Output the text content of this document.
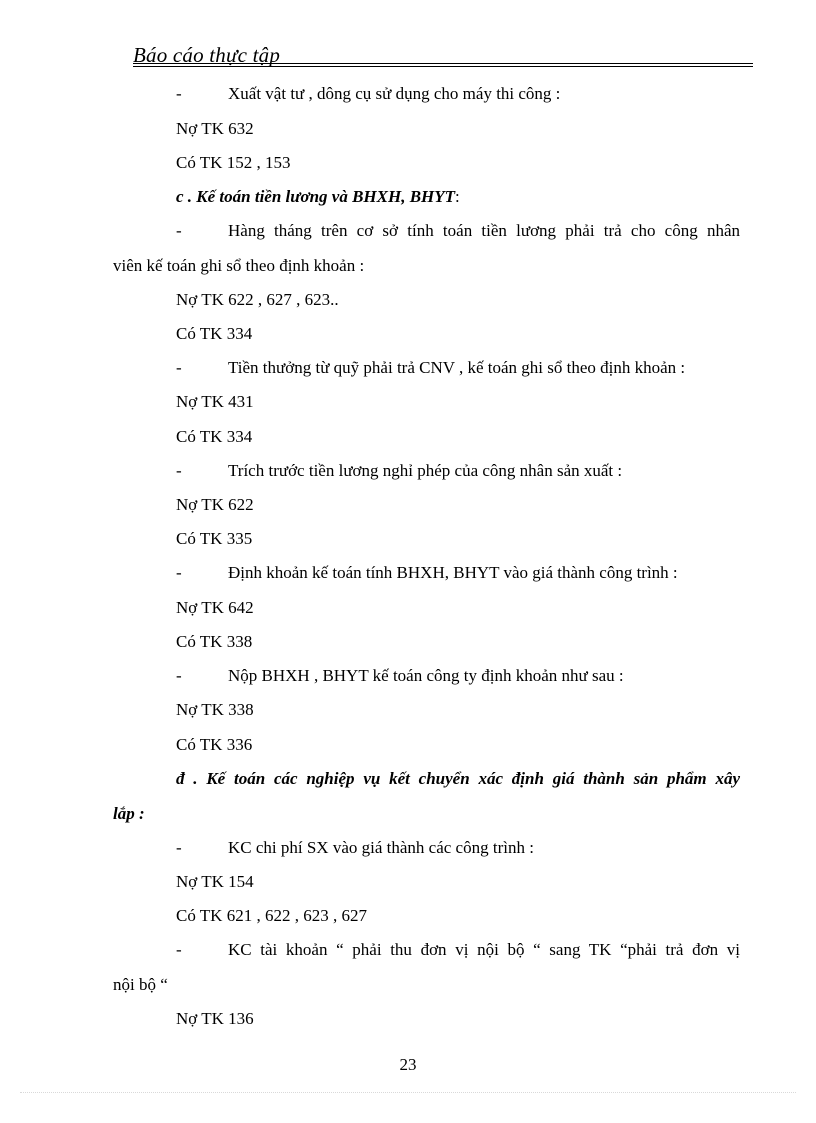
Báo cáo thực tập
-	Xuất vật tư , dông cụ sử dụng cho máy thi công :
Nợ TK 632
Có TK 152 , 153
c . Kế toán tiền lương và BHXH, BHYT:
-	Hàng tháng trên cơ sở tính toán tiền lương phải trả cho công nhân
viên kế toán ghi sổ theo định khoản :
Nợ TK 622 , 627 , 623..
Có TK 334
-	Tiền thưởng từ quỹ phải trả CNV , kế toán ghi sổ theo định khoản :
Nợ TK 431
Có TK 334
-	Trích trước tiền lương nghỉ phép của công nhân sản xuất :
Nợ TK 622
Có TK 335
-	Định khoản kế toán tính BHXH, BHYT vào giá thành công trình :
Nợ TK 642
Có TK 338
-	Nộp BHXH , BHYT kế toán công ty định khoản như sau :
Nợ TK 338
Có TK 336
đ . Kế toán các nghiệp vụ kết chuyển xác định giá thành sản phẩm xây
lắp :
-	KC chi phí SX vào giá thành các công trình :
Nợ TK 154
Có TK 621 , 622 , 623 , 627
-	KC tài khoản “ phải thu đơn vị nội bộ “ sang TK “phải trả đơn vị
nội bộ “
Nợ TK 136
23
